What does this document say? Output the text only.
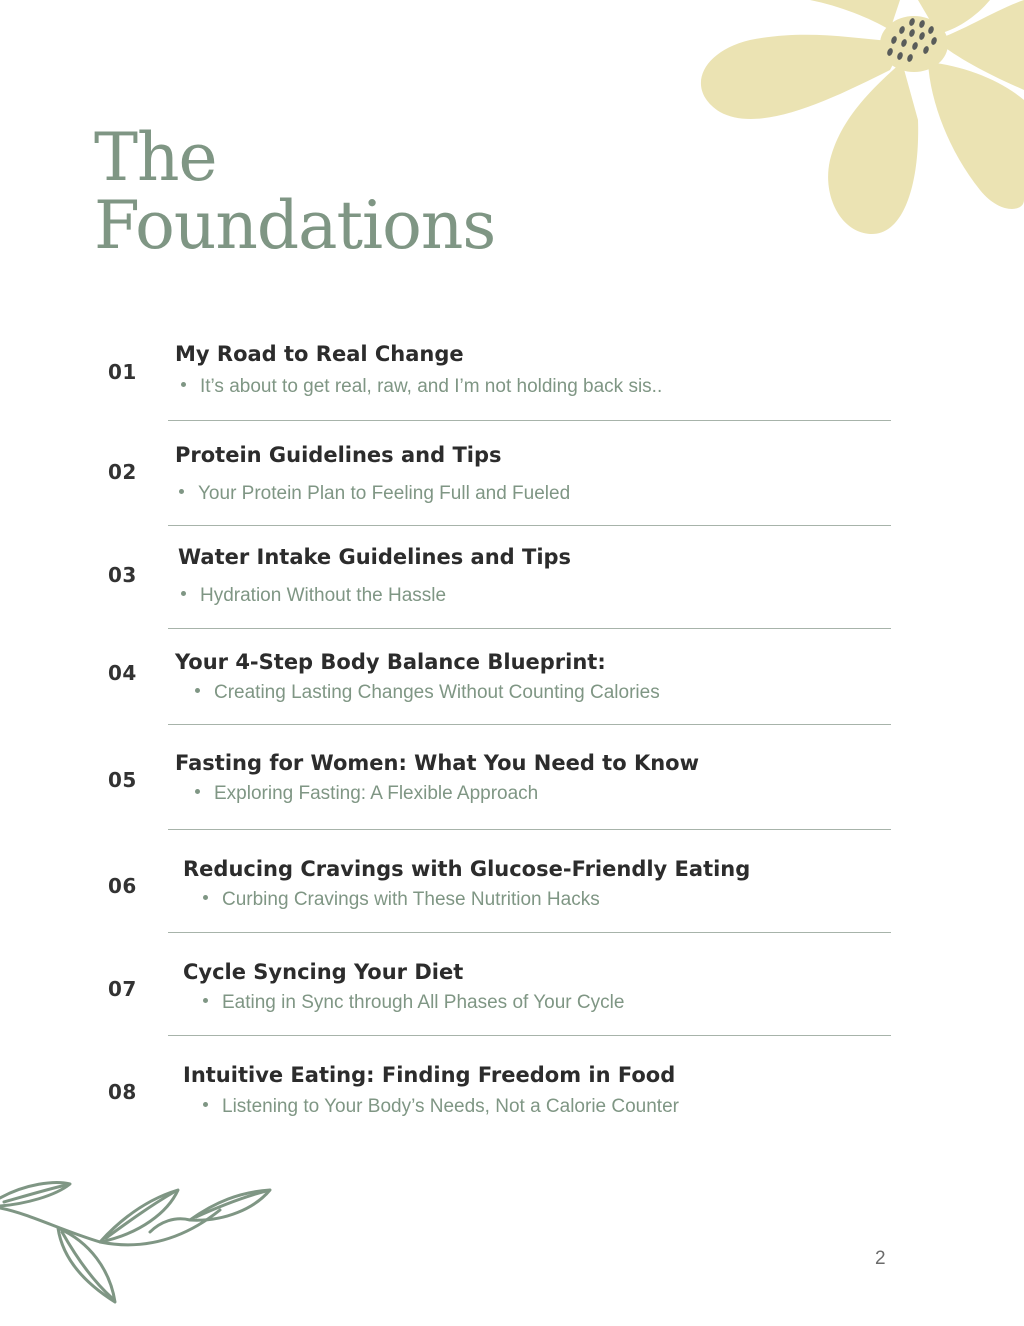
The
Foundations
01
My Road to Real Change
It’s about to get real, raw, and I’m not holding back sis..
02
Protein Guidelines and Tips
Your Protein Plan to Feeling Full and Fueled
03
Water Intake Guidelines and Tips
Hydration Without the Hassle
04 Your 4-Step Body Balance Blueprint:
Creating Lasting Changes Without Counting Calories
05
Fasting for Women: What You Need to Know
Exploring Fasting: A Flexible Approach
06
Reducing Cravings with Glucose-Friendly Eating
Curbing Cravings with These Nutrition Hacks
07
Cycle Syncing Your Diet
Eating in Sync through All Phases of Your Cycle
08
Intuitive Eating: Finding Freedom in Food
Listening to Your Body’s Needs, Not a Calorie Counter
2
